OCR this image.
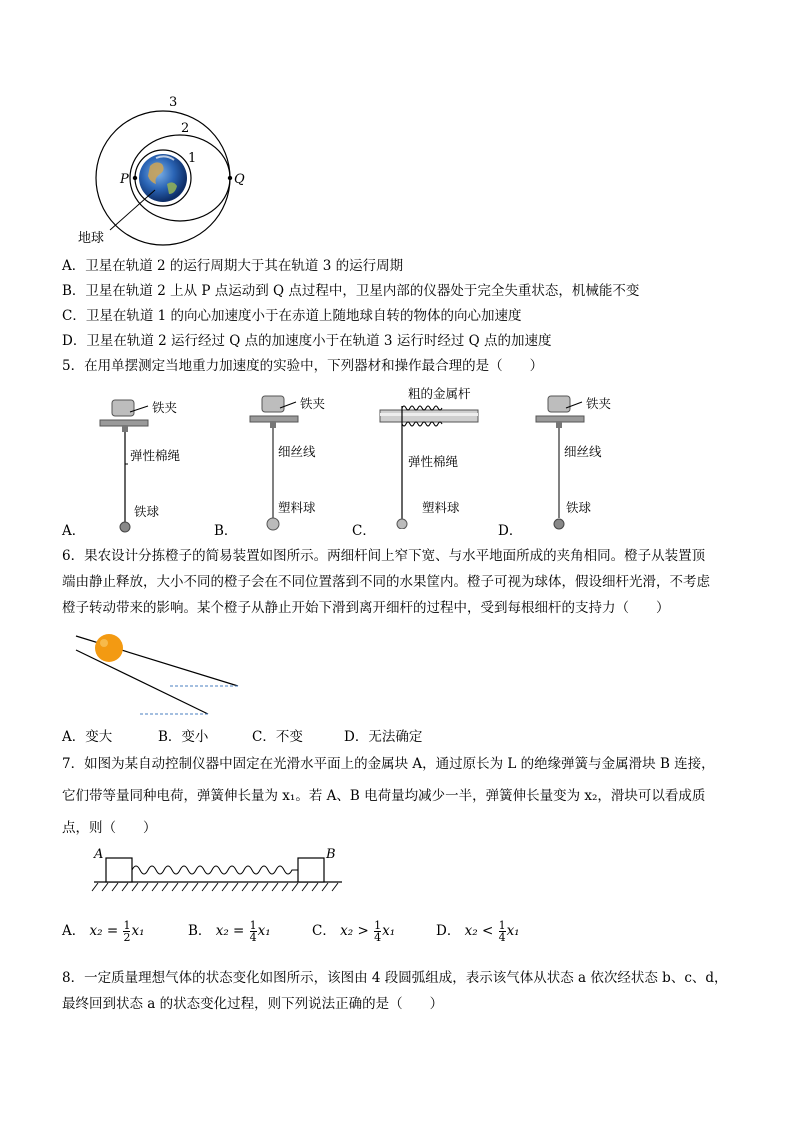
3
2
1
P	Q
地球
A．卫星在轨道 2 的运行周期大于其在轨道 3 的运行周期
B．卫星在轨道 2 上从 P 点运动到 Q 点过程中，卫星内部的仪器处于完全失重状态，机械能不变
C．卫星在轨道 1 的向心加速度小于在赤道上随地球自转的物体的向心加速度
D．卫星在轨道 2 运行经过 Q 点的加速度小于在轨道 3 运行时经过 Q 点的加速度
5．在用单摆测定当地重力加速度的实验中，下列器材和操作最合理的是（　　）
A．
铁夹
弹性棉绳
铁球
B．
铁夹
细丝线
塑料球
C．
粗的金属杆
弹性棉绳
塑料球
D．
铁夹
细丝线
铁球
6．果农设计分拣橙子的简易装置如图所示。两细杆间上窄下宽、与水平地面所成的夹角相同。橙子从装置顶
端由静止释放，大小不同的橙子会在不同位置落到不同的水果筐内。橙子可视为球体，假设细杆光滑，不考虑
橙子转动带来的影响。某个橙子从静止开始下滑到离开细杆的过程中，受到每根细杆的支持力（　　）
A．变大	B．变小	C．不变	D．无法确定
7．如图为某自动控制仪器中固定在光滑水平面上的金属块 A，通过原长为 L 的绝缘弹簧与金属滑块 B 连接，
它们带等量同种电荷，弹簧伸长量为 x₁。若 A、B 电荷量均减少一半，弹簧伸长量变为 x₂，滑块可以看成质
点，则（　　）
A	B
A． $x_2 = \frac{1}{2} x_1$	B． $x_2 = \frac{1}{4} x_1$	C． $x_2 > \frac{1}{4} x_1$	D． $x_2 < \frac{1}{4} x_1$
8．一定质量理想气体的状态变化如图所示，该图由 4 段圆弧组成，表示该气体从状态 a 依次经状态 b、c、d，
最终回到状态 a 的状态变化过程，则下列说法正确的是（　　）
